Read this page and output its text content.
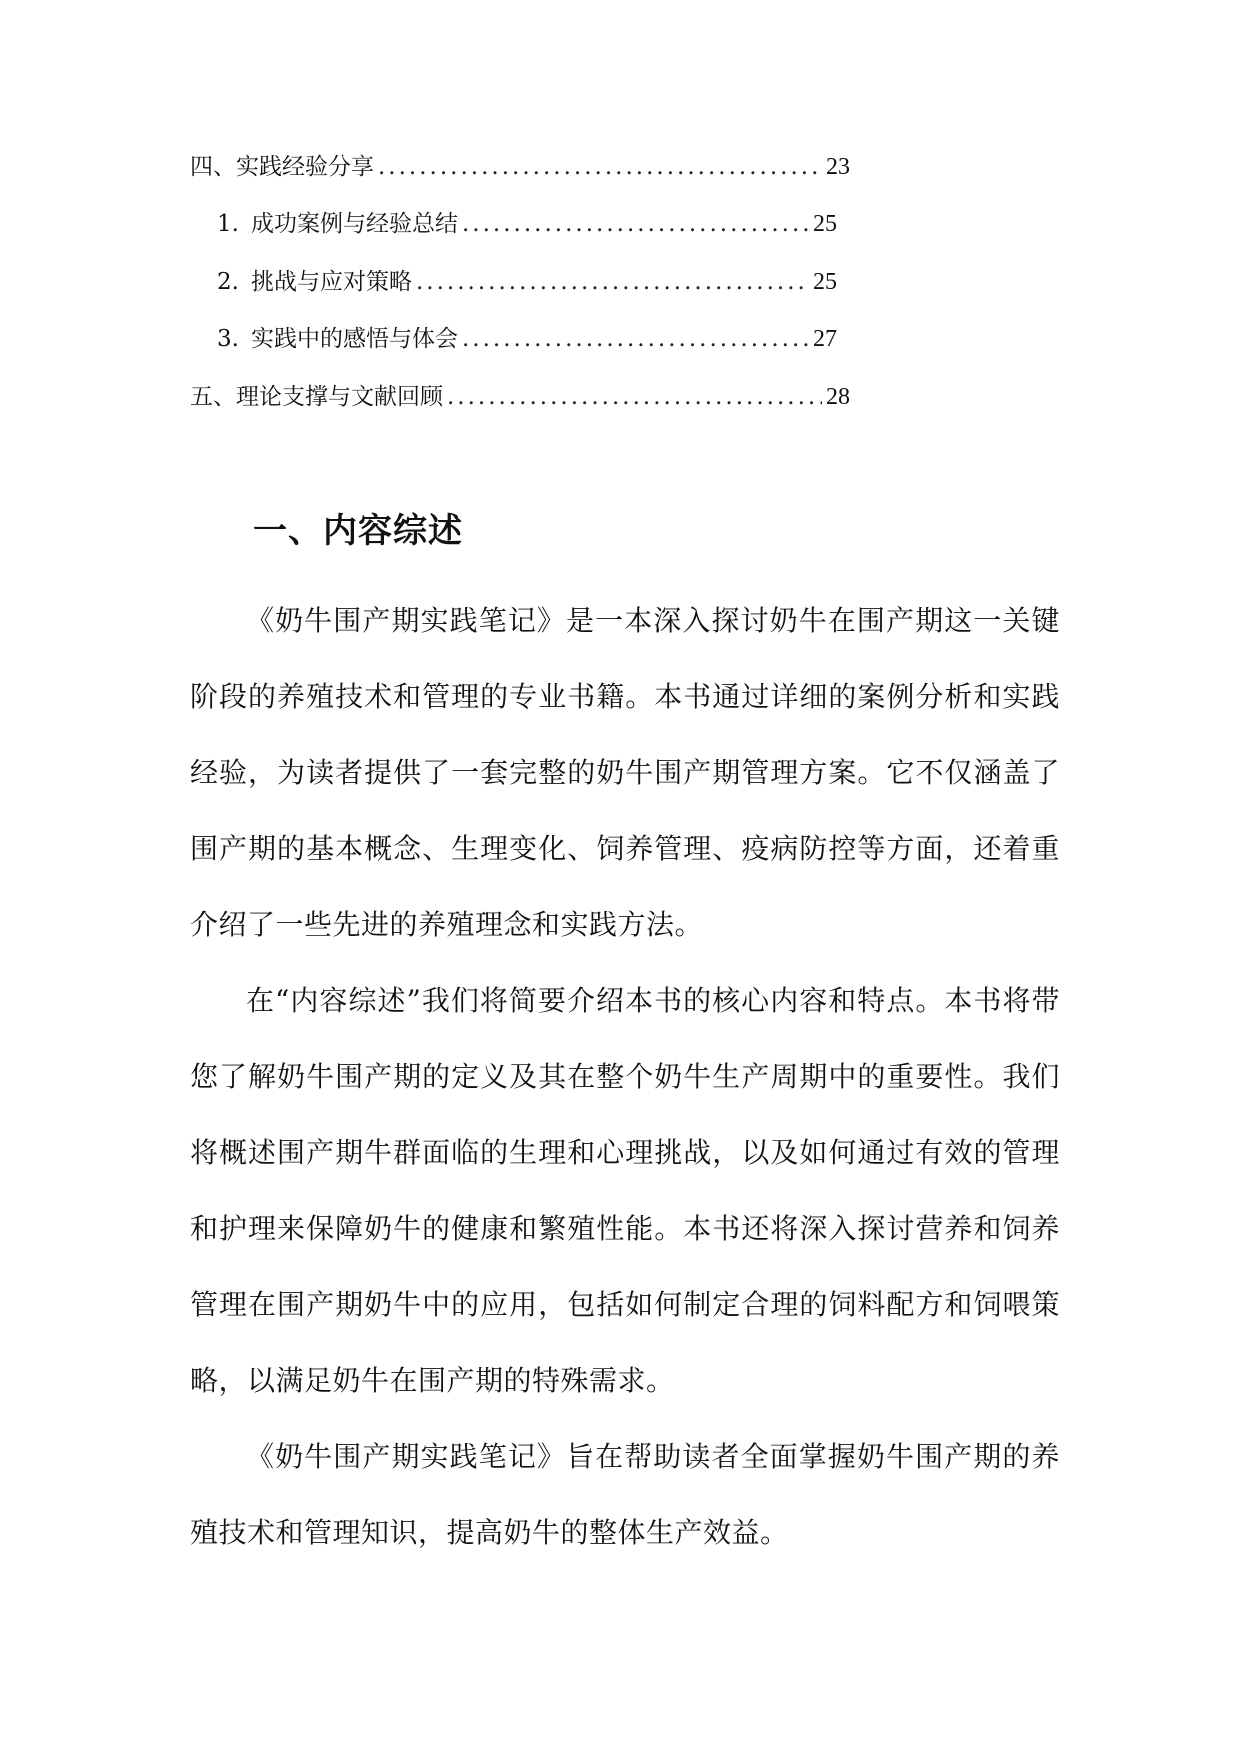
四、 实践经验分享 .....	23
1. 成功案例与经验总结 .....	25
2. 挑战与应对策略 .....	25
3. 实践中的感悟与体会 .....	27
五、 理论支撑与文献回顾 .....	28
一、内容综述

《奶牛围产期实践笔记》是一本深入探讨奶牛在围产期这一关键阶段的养殖技术和管理的专业书籍。本书通过详细的案例分析和实践经验，为读者提供了一套完整的奶牛围产期管理方案。它不仅涵盖了围产期的基本概念、生理变化、饲养管理、疫病防控等方面，还着重介绍了一些先进的养殖理念和实践方法。

在“内容综述”我们将简要介绍本书的核心内容和特点。本书将带您了解奶牛围产期的定义及其在整个奶牛生产周期中的重要性。我们将概述围产期牛群面临的生理和心理挑战，以及如何通过有效的管理和护理来保障奶牛的健康和繁殖性能。本书还将深入探讨营养和饲养管理在围产期奶牛中的应用，包括如何制定合理的饲料配方和饲喂策略，以满足奶牛在围产期的特殊需求。

《奶牛围产期实践笔记》旨在帮助读者全面掌握奶牛围产期的养殖技术和管理知识，提高奶牛的整体生产效益。
